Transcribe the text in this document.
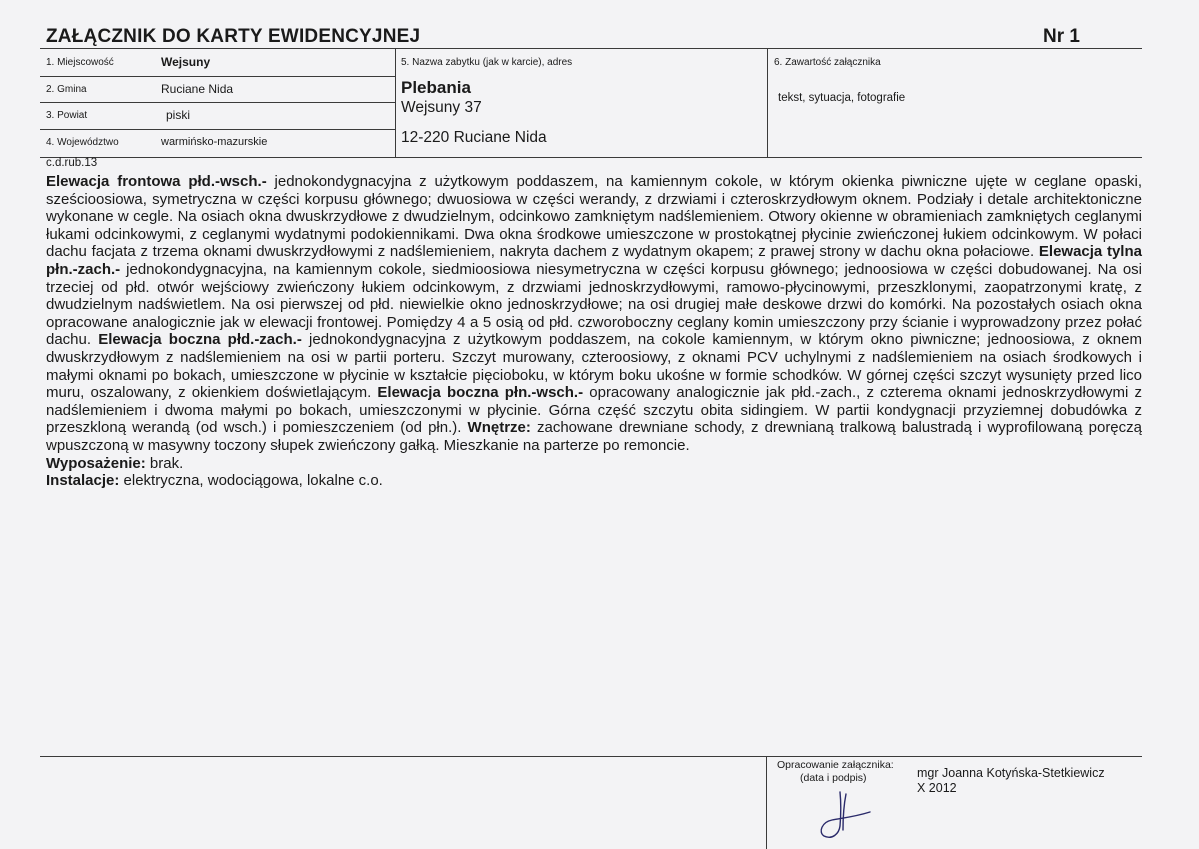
ZAŁĄCZNIK DO KARTY EWIDENCYJNEJ	Nr 1
1. Miejscowość	Wejsuny
2. Gmina	Ruciane Nida
3. Powiat	piski
4. Województwo	warmińsko-mazurskie
5. Nazwa zabytku (jak w karcie), adres
Plebania
Wejsuny 37
12-220 Ruciane Nida
6. Zawartość załącznika
tekst, sytuacja, fotografie
c.d.rub.13

Elewacja frontowa płd.-wsch.- jednokondygnacyjna z użytkowym poddaszem, na kamiennym cokole, w którym okienka piwniczne ujęte w ceglane opaski, sześcioosiowa, symetryczna w części korpusu głównego; dwuosiowa w części werandy, z drzwiami i czteroskrzydłowym oknem. Podziały i detale architektoniczne wykonane w cegle. Na osiach okna dwuskrzydłowe z dwudzielnym, odcinkowo zamkniętym nadślemieniem. Otwory okienne w obramieniach zamkniętych ceglanymi łukami odcinkowymi, z ceglanymi wydatnymi podokiennikami. Dwa okna środkowe umieszczone w prostokątnej płycinie zwieńczonej łukiem odcinkowym. W połaci dachu facjata z trzema oknami dwuskrzydłowymi z nadślemieniem, nakryta dachem z wydatnym okapem; z prawej strony w dachu okna połaciowe. Elewacja tylna płn.-zach.- jednokondygnacyjna, na kamiennym cokole, siedmioosiowa niesymetryczna w części korpusu głównego; jednoosiowa w części dobudowanej. Na osi trzeciej od płd. otwór wejściowy zwieńczony łukiem odcinkowym, z drzwiami jednoskrzydłowymi, ramowo-płycinowymi, przeszklonymi, zaopatrzonymi kratę, z dwudzielnym nadświetlem. Na osi pierwszej od płd. niewielkie okno jednoskrzydłowe; na osi drugiej małe deskowe drzwi do komórki. Na pozostałych osiach okna opracowane analogicznie jak w elewacji frontowej. Pomiędzy 4 a 5 osią od płd. czworoboczny ceglany komin umieszczony przy ścianie i wyprowadzony przez połać dachu. Elewacja boczna płd.-zach.- jednokondygnacyjna z użytkowym poddaszem, na cokole kamiennym, w którym okno piwniczne; jednoosiowa, z oknem dwuskrzydłowym z nadślemieniem na osi w partii porteru. Szczyt murowany, czteroosiowy, z oknami PCV uchylnymi z nadślemieniem na osiach środkowych i małymi oknami po bokach, umieszczone w płycinie w kształcie pięcioboku, w którym boku ukośne w formie schodków. W górnej części szczyt wysunięty przed lico muru, oszalowany, z okienkiem doświetlającym. Elewacja boczna płn.-wsch.- opracowany analogicznie jak płd.-zach., z czterema oknami jednoskrzydłowymi z nadślemieniem i dwoma małymi po bokach, umieszczonymi w płycinie. Górna część szczytu obita sidingiem. W partii kondygnacji przyziemnej dobudówka z przeszkloną werandą (od wsch.) i pomieszczeniem (od płn.). Wnętrze: zachowane drewniane schody, z drewnianą tralkową balustradą i wyprofilowaną poręczą wpuszczoną w masywny toczony słupek zwieńczony gałką. Mieszkanie na parterze po remoncie.

Wyposażenie: brak.

Instalacje: elektryczna, wodociągowa, lokalne c.o.

Opracowanie załącznika:
(data i podpis)	mgr Joanna Kotyńska-Stetkiewicz
X 2012
